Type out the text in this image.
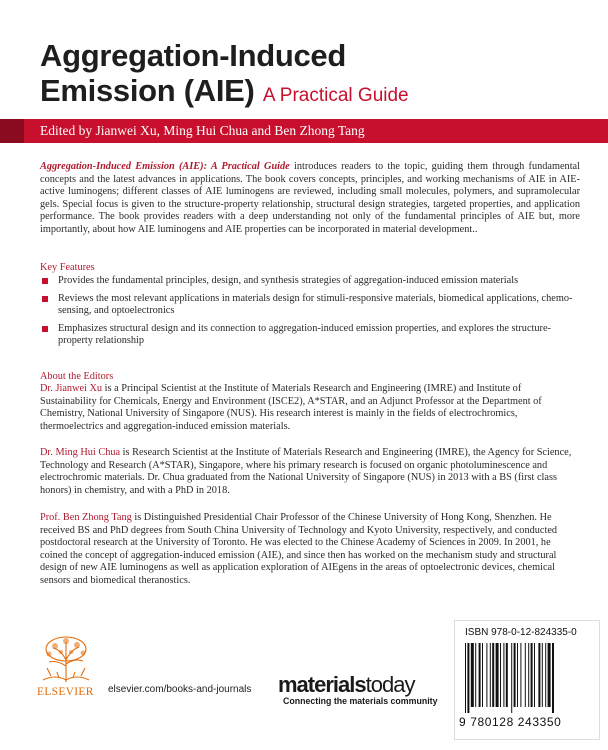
Aggregation-Induced
Emission (AIE) A Practical Guide
Edited by Jianwei Xu, Ming Hui Chua and Ben Zhong Tang
Aggregation-Induced Emission (AIE): A Practical Guide introduces readers to the topic, guiding them through fundamental concepts and the latest advances in applications. The book covers concepts, principles, and working mechanisms of AIE in AIE-active luminogens; different classes of AIE luminogens are reviewed, including small molecules, polymers, and supramolecular gels. Special focus is given to the structure-property relationship, structural design strategies, targeted properties, and application performance. The book provides readers with a deep understanding not only of the fundamental principles of AIE but, more importantly, about how AIE luminogens and AIE properties can be incorporated in material development..
Key Features
Provides the fundamental principles, design, and synthesis strategies of aggregation-induced emission materials
Reviews the most relevant applications in materials design for stimuli-responsive materials, biomedical applications, chemo-sensing, and optoelectronics
Emphasizes structural design and its connection to aggregation-induced emission properties, and explores the structure-property relationship
About the Editors
Dr. Jianwei Xu is a Principal Scientist at the Institute of Materials Research and Engineering (IMRE) and Institute of Sustainability for Chemicals, Energy and Environment (ISCE2), A*STAR, and an Adjunct Professor at the Department of Chemistry, National University of Singapore (NUS). His research interest is mainly in the fields of electrochromics, thermoelectrics and aggregation-induced emission materials.
Dr. Ming Hui Chua is Research Scientist at the Institute of Materials Research and Engineering (IMRE), the Agency for Science, Technology and Research (A*STAR), Singapore, where his primary research is focused on organic photoluminescence and electrochromic materials. Dr. Chua graduated from the National University of Singapore (NUS) in 2013 with a BS (first class honors) in chemistry, and with a PhD in 2018.
Prof. Ben Zhong Tang is Distinguished Presidential Chair Professor of the Chinese University of Hong Kong, Shenzhen. He received BS and PhD degrees from South China University of Technology and Kyoto University, respectively, and conducted postdoctoral research at the University of Toronto. He was elected to the Chinese Academy of Sciences in 2009. In 2001, he coined the concept of aggregation-induced emission (AIE), and since then has worked on the mechanism study and structural design of new AIE luminogens as well as application exploration of AIEgens in the areas of optoelectronic devices, chemical sensors and biomedical theranostics.
ELSEVIER elsevier.com/books-and-journals materialstoday
Connecting the materials community
ISBN 978-0-12-824335-0
9 780128 243350
